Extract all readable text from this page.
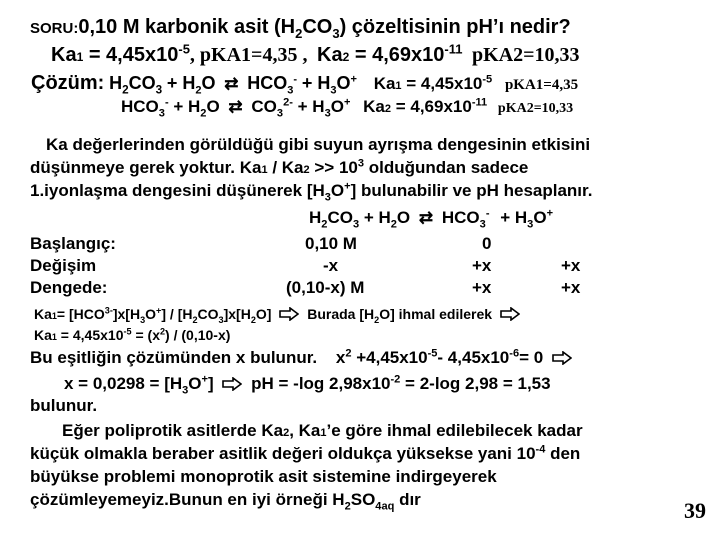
SORU:0,10 M karbonik asit $(H_2CO_3)$ çözeltisinin pH’ı nedir?
$Ka1 = 4,45x10^{-5}$, pKA1=4,35 , $Ka2 = 4,69x10^{-11}$ pKA2=10,33
Çözüm: $H_2CO_3 + H_2O$ ⇄ $HCO_3^- + H_3O^+$ $Ka1 = 4,45x10^{-5}$ pKA1=4,35
$HCO_3^- + H_2O$ ⇄ $CO_3^{2-} + H_3O^+$ $Ka2 = 4,69x10^{-11}$ pKA2=10,33
Ka değerlerinden görüldüğü gibi suyun ayrışma dengesinin etkisini
düşünmeye gerek yoktur. $Ka1 / Ka2 >> 10^3$ olduğundan sadece
1.iyonlaşma dengesini düşünerek $[H_3O^+]$ bulunabilir ve pH hesaplanır.
$H_2CO_3 + H_2O$ ⇄ $HCO_3^- + H_3O^+$
Başlangıç:	0,10 M	0
Değişim	-x	+x	+x
Dengede:	(0,10-x) M	+x	+x
$Ka1= [HCO^{3-}]x[H_3O^+] / [H_2CO_3]x[H_2O]$	Burada $[H_2O]$ ihmal edilerek
$Ka1 = 4,45x10^{-5} = (x^2) / (0,10-x)$
Bu eşitliğin çözümünden x bulunur. $x^2 +4,45x10^{-5}-$ $4,45x10^{-6}= 0$
$x = 0,0298 = [H_3O^+]$ pH = -log $2,98x10^{-2} = 2-\log$ 2,98 = 1,53
bulunur.
Eğer poliprotik asitlerde Ka2, Ka1’e göre ihmal edilebilecek kadar
küçük olmakla beraber asitlik değeri oldukça yüksekse yani $10^{-4}$ den
büyükse problemi monoprotik asit sistemine indirgeyerek
çözümleyemeyiz.Bunun en iyi örneği $H_2SO_{4aq}$ dır	39
